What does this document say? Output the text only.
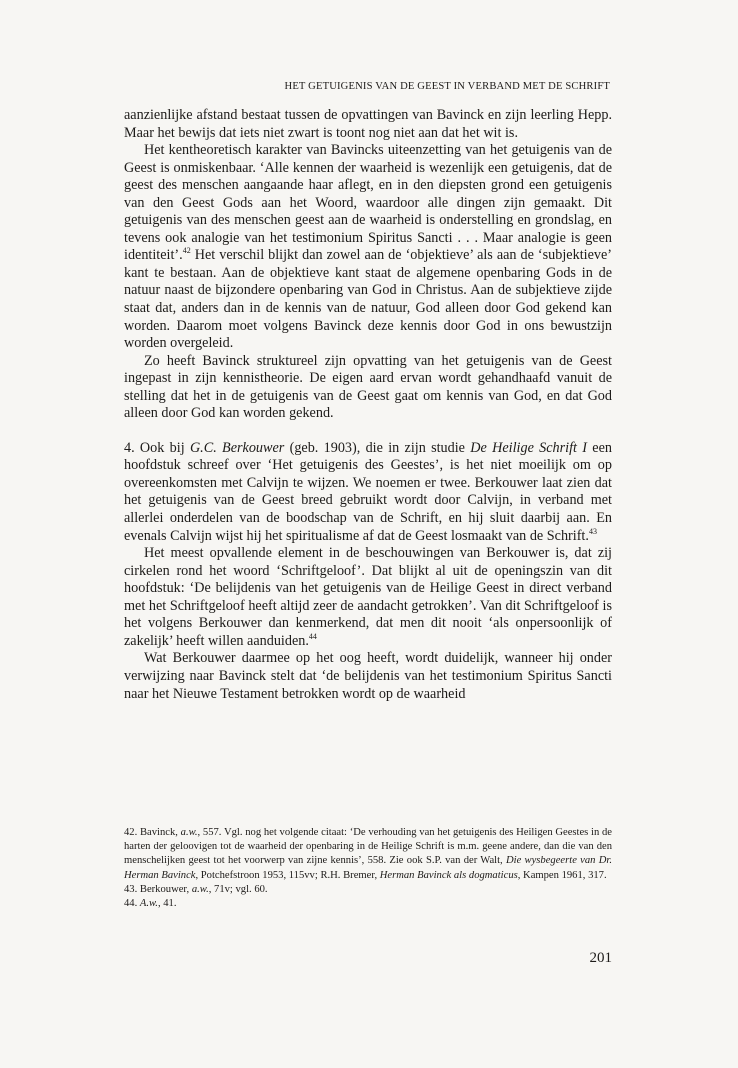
HET GETUIGENIS VAN DE GEEST IN VERBAND MET DE SCHRIFT

aanzienlijke afstand bestaat tussen de opvattingen van Bavinck en zijn leerling Hepp. Maar het bewijs dat iets niet zwart is toont nog niet aan dat het wit is.

Het kentheoretisch karakter van Bavincks uiteenzetting van het getuigenis van de Geest is onmiskenbaar. ‘Alle kennen der waarheid is wezenlijk een getuigenis, dat de geest des menschen aangaande haar aflegt, en in den diepsten grond een getuigenis van den Geest Gods aan het Woord, waardoor alle dingen zijn gemaakt. Dit getuigenis van des menschen geest aan de waarheid is onderstelling en grondslag, en tevens ook analogie van het testimonium Spiritus Sancti . . . Maar analogie is geen identiteit’.$^{42}$ Het verschil blijkt dan zowel aan de ‘objektieve’ als aan de ‘subjektieve’ kant te bestaan. Aan de objektieve kant staat de algemene openbaring Gods in de natuur naast de bijzondere openbaring van God in Christus. Aan de subjektieve zijde staat dat, anders dan in de kennis van de natuur, God alleen door God gekend kan worden. Daarom moet volgens Bavinck deze kennis door God in ons bewustzijn worden overgeleid.

Zo heeft Bavinck struktureel zijn opvatting van het getuigenis van de Geest ingepast in zijn kennistheorie. De eigen aard ervan wordt gehandhaafd vanuit de stelling dat het in de getuigenis van de Geest gaat om kennis van God, en dat God alleen door God kan worden gekend.

4. Ook bij G.C. Berkouwer (geb. 1903), die in zijn studie De Heilige Schrift I een hoofdstuk schreef over ‘Het getuigenis des Geestes’, is het niet moeilijk om op overeenkomsten met Calvijn te wijzen. We noemen er twee. Berkouwer laat zien dat het getuigenis van de Geest breed gebruikt wordt door Calvijn, in verband met allerlei onderdelen van de boodschap van de Schrift, en hij sluit daarbij aan. En evenals Calvijn wijst hij het spiritualisme af dat de Geest losmaakt van de Schrift.$^{43}$

Het meest opvallende element in de beschouwingen van Berkouwer is, dat zij cirkelen rond het woord ‘Schriftgeloof’. Dat blijkt al uit de openingszin van dit hoofdstuk: ‘De belijdenis van het getuigenis van de Heilige Geest in direct verband met het Schriftgeloof heeft altijd zeer de aandacht getrokken’. Van dit Schriftgeloof is het volgens Berkouwer dan kenmerkend, dat men dit nooit ‘als onpersoonlijk of zakelijk’ heeft willen aanduiden.$^{44}$

Wat Berkouwer daarmee op het oog heeft, wordt duidelijk, wanneer hij onder verwijzing naar Bavinck stelt dat ‘de belijdenis van het testimonium Spiritus Sancti naar het Nieuwe Testament betrokken wordt op de waarheid

42. Bavinck, a.w., 557. Vgl. nog het volgende citaat: ‘De verhouding van het getuigenis des Heiligen Geestes in de harten der geloovigen tot de waarheid der openbaring in de Heilige Schrift is m.m. geene andere, dan die van den menschelijken geest tot het voorwerp van zijne kennis’, 558. Zie ook S.P. van der Walt, Die wysbegeerte van Dr. Herman Bavinck, Potchefstroon 1953, 115vv; R.H. Bremer, Herman Bavinck als dogmaticus, Kampen 1961, 317.

43. Berkouwer, a.w., 71v; vgl. 60.

44. A.w., 41.

201
